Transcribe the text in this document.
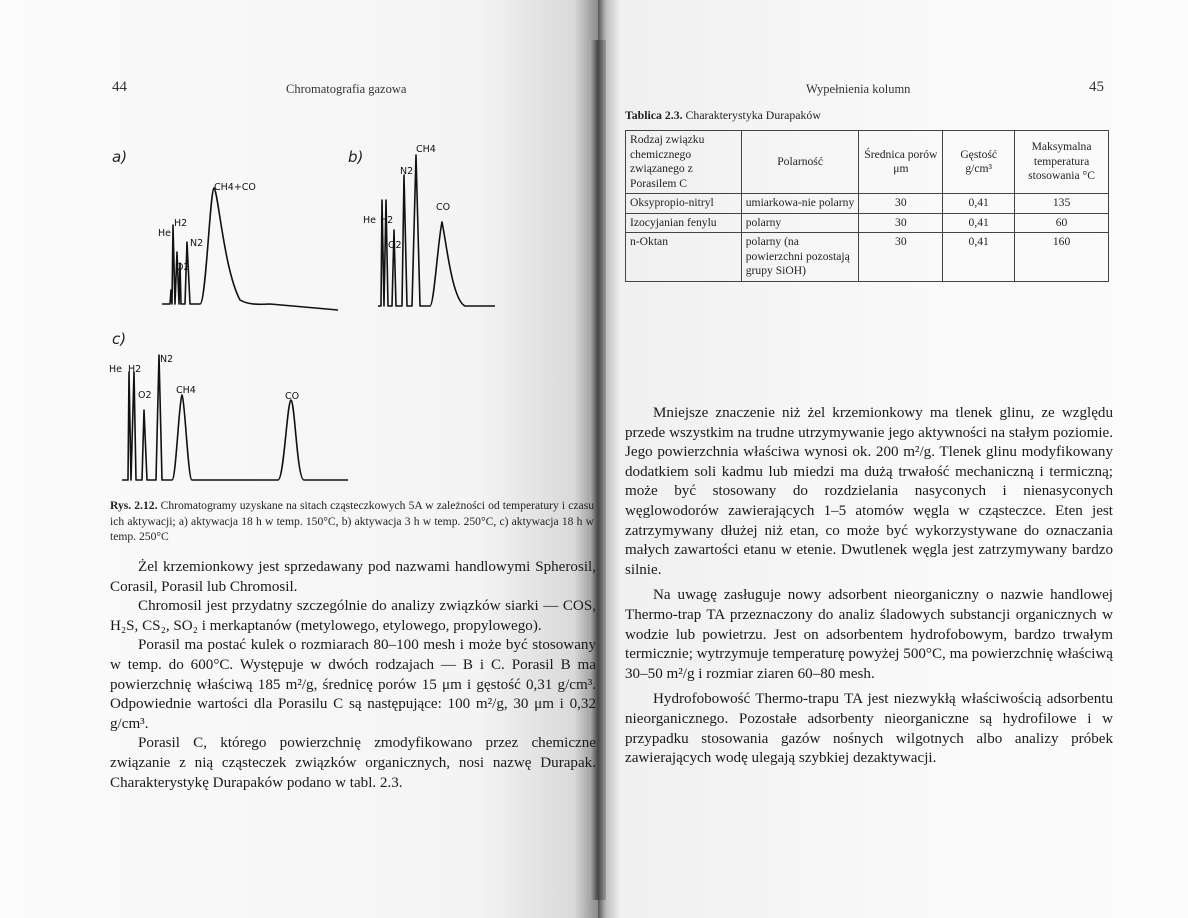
44	Chromatografia gazowa
a)	b)
c)
He
H2
O2
N2
CH4+CO
He H2
O2
N2
CH4
CO
He H2
O2
N2
CH4
CO
Rys. 2.12. Chromatogramy uzyskane na sitach cząsteczkowych 5A w zależności od temperatury i czasu ich aktywacji; a) aktywacja 18 h w temp. 150°C, b) aktywacja 3 h w temp. 250°C, c) aktywacja 18 h w temp. 250°C

Żel krzemionkowy jest sprzedawany pod nazwami handlowymi Spherosil, Corasil, Porasil lub Chromosil.

Chromosil jest przydatny szczególnie do analizy związków siarki — COS, H₂S, CS₂, SO₂ i merkaptanów (metylowego, etylowego, propylowego).

Porasil ma postać kulek o rozmiarach 80–100 mesh i może być stosowany w temp. do 600°C. Występuje w dwóch rodzajach — B i C. Porasil B ma powierzchnię właściwą 185 m²/g, średnicę porów 15 μm i gęstość 0,31 g/cm³. Odpowiednie wartości dla Porasilu C są następujące: 100 m²/g, 30 μm i 0,32 g/cm³.

Porasil C, którego powierzchnię zmodyfikowano przez chemiczne związanie z nią cząsteczek związków organicznych, nosi nazwę Durapak. Charakterystykę Durapaków podano w tabl. 2.3.

Wypełnienia kolumn	45
Tablica 2.3. Charakterystyka Durapaków
Rodzaj związku chemicznego związanego z Porasilem C	Polarność	Średnica porów μm	Gęstość g/cm³	Maksymalna temperatura stosowania °C
Oksypropio-nitryl	umiarkowa-nie polarny	30	0,41	135
Izocyjanian fenylu	polarny	30	0,41	60
n-Oktan	polarny (na powierzchni pozostają grupy SiOH)	30	0,41	160

Mniejsze znaczenie niż żel krzemionkowy ma tlenek glinu, ze względu przede wszystkim na trudne utrzymywanie jego aktywności na stałym poziomie. Jego powierzchnia właściwa wynosi ok. 200 m²/g. Tlenek glinu modyfikowany dodatkiem soli kadmu lub miedzi ma dużą trwałość mechaniczną i termiczną; może być stosowany do rozdzielania nasyconych i nienasyconych węglowodorów zawierających 1–5 atomów węgla w cząsteczce. Eten jest zatrzymywany dłużej niż etan, co może być wykorzystywane do oznaczania małych zawartości etanu w etenie. Dwutlenek węgla jest zatrzymywany bardzo silnie.

Na uwagę zasługuje nowy adsorbent nieorganiczny o nazwie handlowej Thermo-trap TA przeznaczony do analiz śladowych substancji organicznych w wodzie lub powietrzu. Jest on adsorbentem hydrofobowym, bardzo trwałym termicznie; wytrzymuje temperaturę powyżej 500°C, ma powierzchnię właściwą 30–50 m²/g i rozmiar ziaren 60–80 mesh.

Hydrofobowość Thermo-trapu TA jest niezwykłą właściwością adsorbentu nieorganicznego. Pozostałe adsorbenty nieorganiczne są hydrofilowe i w przypadku stosowania gazów nośnych wilgotnych albo analizy próbek zawierających wodę ulegają szybkiej dezaktywacji.
